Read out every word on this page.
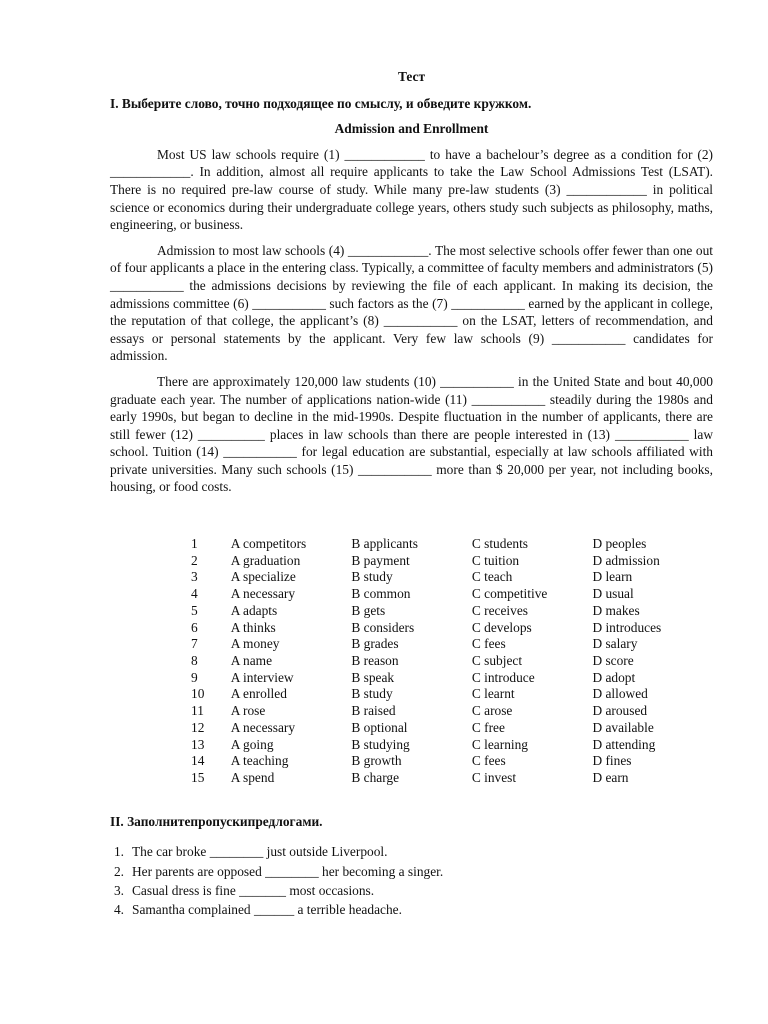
Тест
I. Выберите слово, точно подходящее по смыслу, и обведите кружком.
Admission and Enrollment

Most US law schools require (1) ____________ to have a bachelour’s degree as a condition for (2) ____________. In addition, almost all require applicants to take the Law School Admissions Test (LSAT). There is no required pre-law course of study. While many pre-law students (3) ____________ in political science or economics during their undergraduate college years, others study such subjects as philosophy, maths, engineering, or business.

Admission to most law schools (4) ____________. The most selective schools offer fewer than one out of four applicants a place in the entering class. Typically, a committee of faculty members and administrators (5) ___________ the admissions decisions by reviewing the file of each applicant. In making its decision, the admissions committee (6) ___________ such factors as the (7) ___________ earned by the applicant in college, the reputation of that college, the applicant’s (8) ___________ on the LSAT, letters of recommendation, and essays or personal statements by the applicant. Very few law schools (9) ___________ candidates for admission.

There are approximately 120,000 law students (10) ___________ in the United State and bout 40,000 graduate each year. The number of applications nation-wide (11) ___________ steadily during the 1980s and early 1990s, but began to decline in the mid-1990s. Despite fluctuation in the number of applicants, there are still fewer (12) __________ places in law schools than there are people interested in (13) ___________ law school. Tuition (14) ___________ for legal education are substantial, especially at law schools affiliated with private universities. Many such schools (15) ___________ more than $ 20,000 per year, not including books, housing, or food costs.

1	A competitors	B applicants	C students	D peoples
2	A graduation	B payment	C tuition	D admission
3	A specialize	B study	C teach	D learn
4	A necessary	B common	C competitive	D usual
5	A adapts	B gets	C receives	D makes
6	A thinks	B considers	C develops	D introduces
7	A money	B grades	C fees	D salary
8	A name	B reason	C subject	D score
9	A interview	B speak	C introduce	D adopt
10	A enrolled	B study	C learnt	D allowed
11	A rose	B raised	C arose	D aroused
12	A necessary	B optional	C free	D available
13	A going	B studying	C learning	D attending
14	A teaching	B growth	C fees	D fines
15	A spend	B charge	C invest	D earn
II. Заполнитепропускипредлогами.
1. The car broke ________ just outside Liverpool.
2. Her parents are opposed ________ her becoming a singer.
3. Casual dress is fine _______ most occasions.
4. Samantha complained ______ a terrible headache.
